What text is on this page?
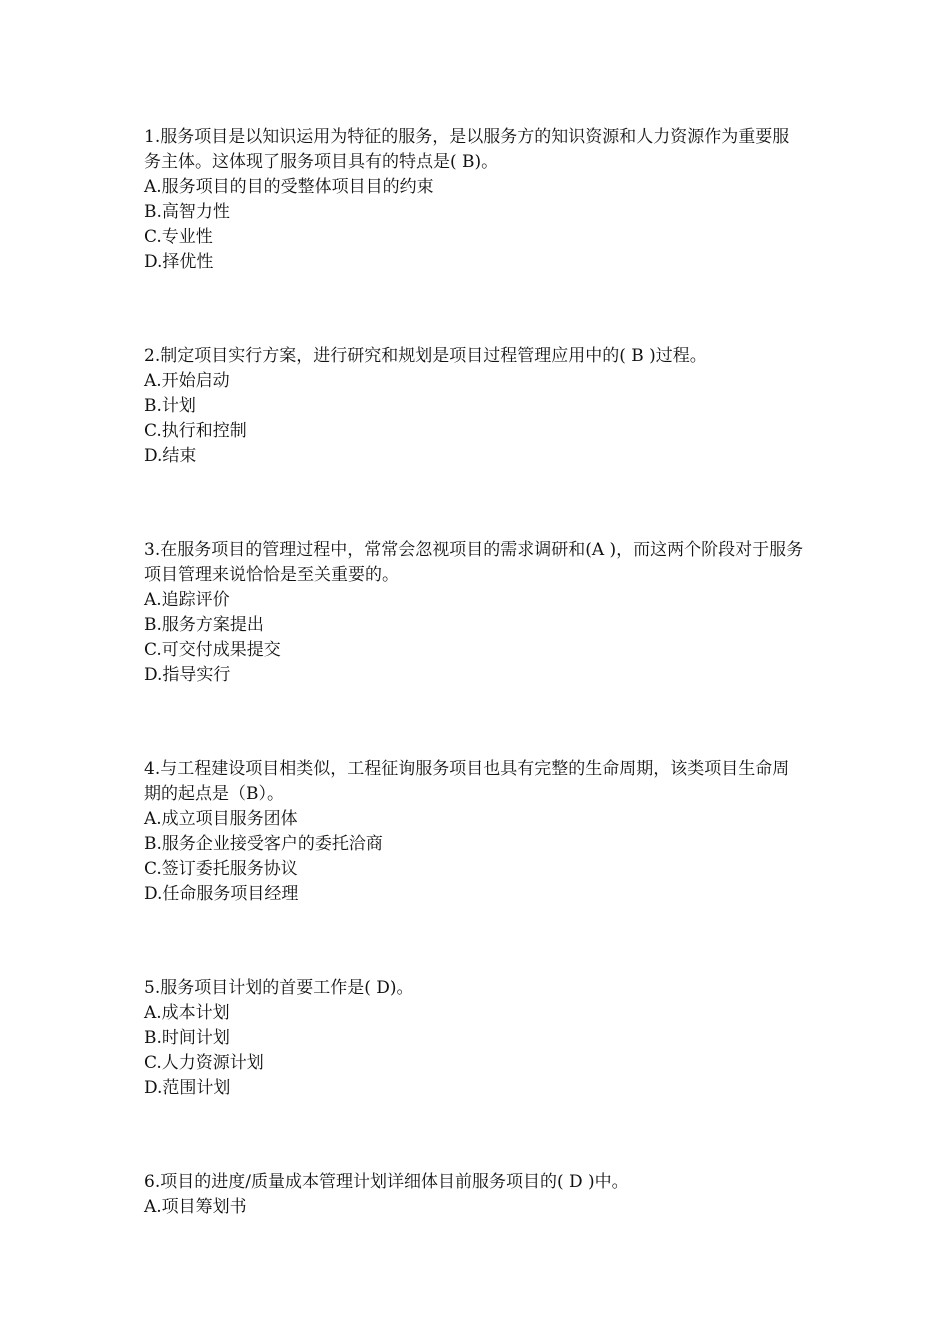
1.服务项目是以知识运用为特征的服务，是以服务方的知识资源和人力资源作为重要服务主体。这体现了服务项目具有的特点是( B)。

A.服务项目的目的受整体项目目的约束

B.高智力性

C.专业性

D.择优性

2.制定项目实行方案，进行研究和规划是项目过程管理应用中的( B )过程。

A.开始启动

B.计划

C.执行和控制

D.结束

3.在服务项目的管理过程中，常常会忽视项目的需求调研和(A )，而这两个阶段对于服务项目管理来说恰恰是至关重要的。

A.追踪评价

B.服务方案提出

C.可交付成果提交

D.指导实行

4.与工程建设项目相类似，工程征询服务项目也具有完整的生命周期，该类项目生命周期的起点是（B）。

A.成立项目服务团体

B.服务企业接受客户的委托洽商

C.签订委托服务协议

D.任命服务项目经理

5.服务项目计划的首要工作是( D)。

A.成本计划

B.时间计划

C.人力资源计划

D.范围计划

6.项目的进度/质量成本管理计划详细体目前服务项目的( D )中。

A.项目筹划书
